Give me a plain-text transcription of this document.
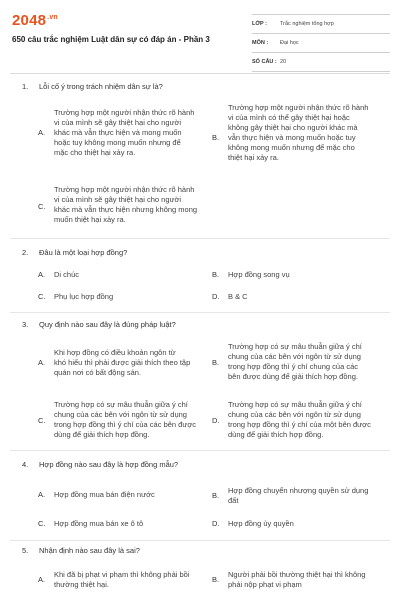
$2048^{.vn}$
650 câu trắc nghiệm Luật dân sự có đáp án - Phần 3
LỚP :	Trắc nghiệm tổng hợp
MÔN :	Đại học
SỐ CÂU : 20
1. Lỗi cố ý trong trách nhiệm dân sự là?
A.
Trường hợp một người nhận thức rõ hành
vi của mình sẽ gây thiệt hại cho người
khác mà vẫn thực hiện và mong muốn
hoặc tuy không mong muốn nhưng để
mặc cho thiệt hại xảy ra.
B.
Trường hợp một người nhận thức rõ hành
vi của mình có thể gây thiệt hại hoặc
không gây thiệt hại cho người khác mà
vẫn thực hiện và mong muốn hoặc tuy
không mong muốn nhưng để mặc cho
thiệt hại xảy ra.
C.
Trường hợp một người nhận thức rõ hành
vi của mình sẽ gây thiệt hại cho người
khác mà vẫn thực hiện nhưng không mong
muốn thiệt hại xảy ra.
2. Đâu là một loại hợp đồng?
A. Di chúc	B. Hợp đồng song vụ
C. Phụ lục hợp đồng	D. B & C
3. Quy định nào sau đây là đúng pháp luật?
A.
Khi hợp đồng có điều khoản ngôn từ
khó hiểu thì phải được giải thích theo tập
quán nơi có bất động sản.
B.
Trường hợp có sự mâu thuẫn giữa ý chí
chung của các bên với ngôn từ sử dụng
trong hợp đồng thì ý chí chung của các
bên được dùng để giải thích hợp đồng.
C.
Trường hợp có sự mâu thuẫn giữa ý chí
chung của các bên với ngôn từ sử dụng
trong hợp đồng thì ý chí của các bên được
dùng để giải thích hợp đồng.
D.
Trường hợp có sự mâu thuẫn giữa ý chí
chung của các bên với ngôn từ sử dụng
trong hợp đồng thì ý chí của một bên được
dùng để giải thích hợp đồng.
4. Hợp đồng nào sau đây là hợp đồng mẫu?
A. Hợp đồng mua bán điện nước	B.
Hợp đồng chuyển nhượng quyền sử dụng
đất
C. Hợp đồng mua bán xe ô tô	D. Hợp đồng ủy quyền
5. Nhận định nào sau đây là sai?
A.
Khi đã bị phạt vi phạm thì không phải bồi
thường thiệt hại.
B.
Người phải bồi thường thiệt hại thì không
phải nộp phạt vi phạm
